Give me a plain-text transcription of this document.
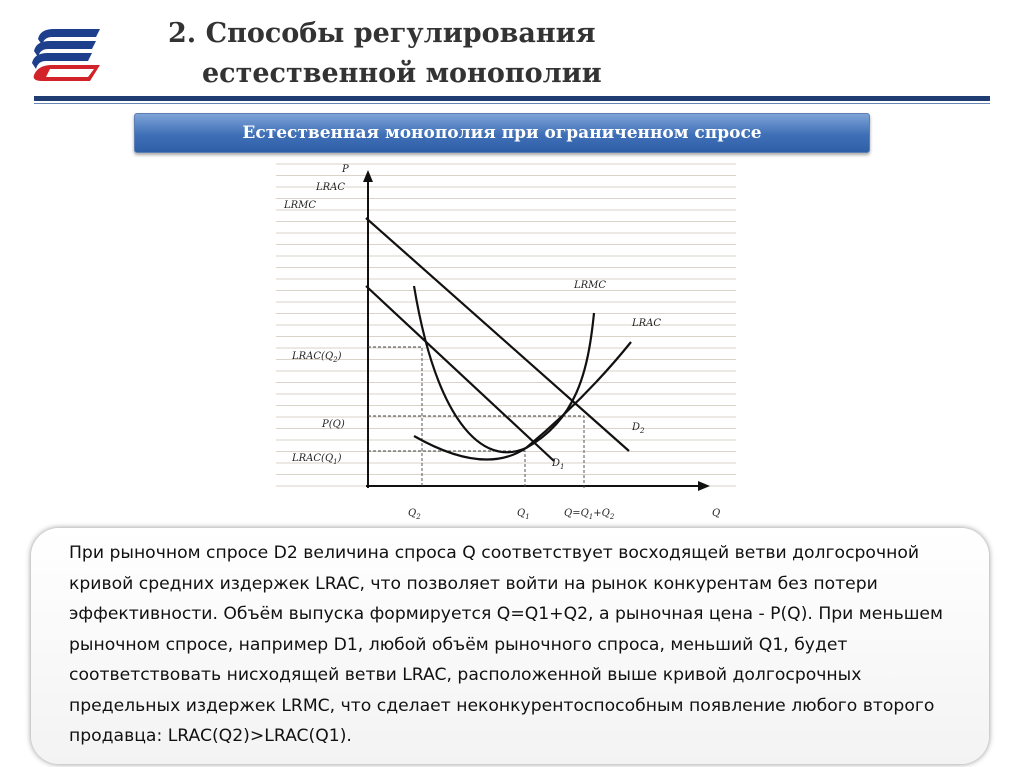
2. Способы регулирования
естественной монополии
Естественная монополия при ограниченном спросе
P
LRAC
LRMC
Q
LRMC
LRAC
$D_2$
$D_1$
$LRAC(Q_2)$
P(Q)
$LRAC(Q_1)$
$Q_2$	$Q_1$	$Q=Q_1+Q_2$

При рыночном спросе D2 величина спроса Q соответствует восходящей ветви долгосрочной кривой средних издержек LRAC, что позволяет войти на рынок конкурентам без потери эффективности. Объём выпуска формируется Q=Q1+Q2, а рыночная цена - P(Q). При меньшем рыночном спросе, например D1, любой объём рыночного спроса, меньший Q1, будет соответствовать нисходящей ветви LRAC, расположенной выше кривой долгосрочных предельных издержек LRMC, что сделает неконкурентоспособным появление любого второго продавца: LRAC(Q2)>LRAC(Q1).
